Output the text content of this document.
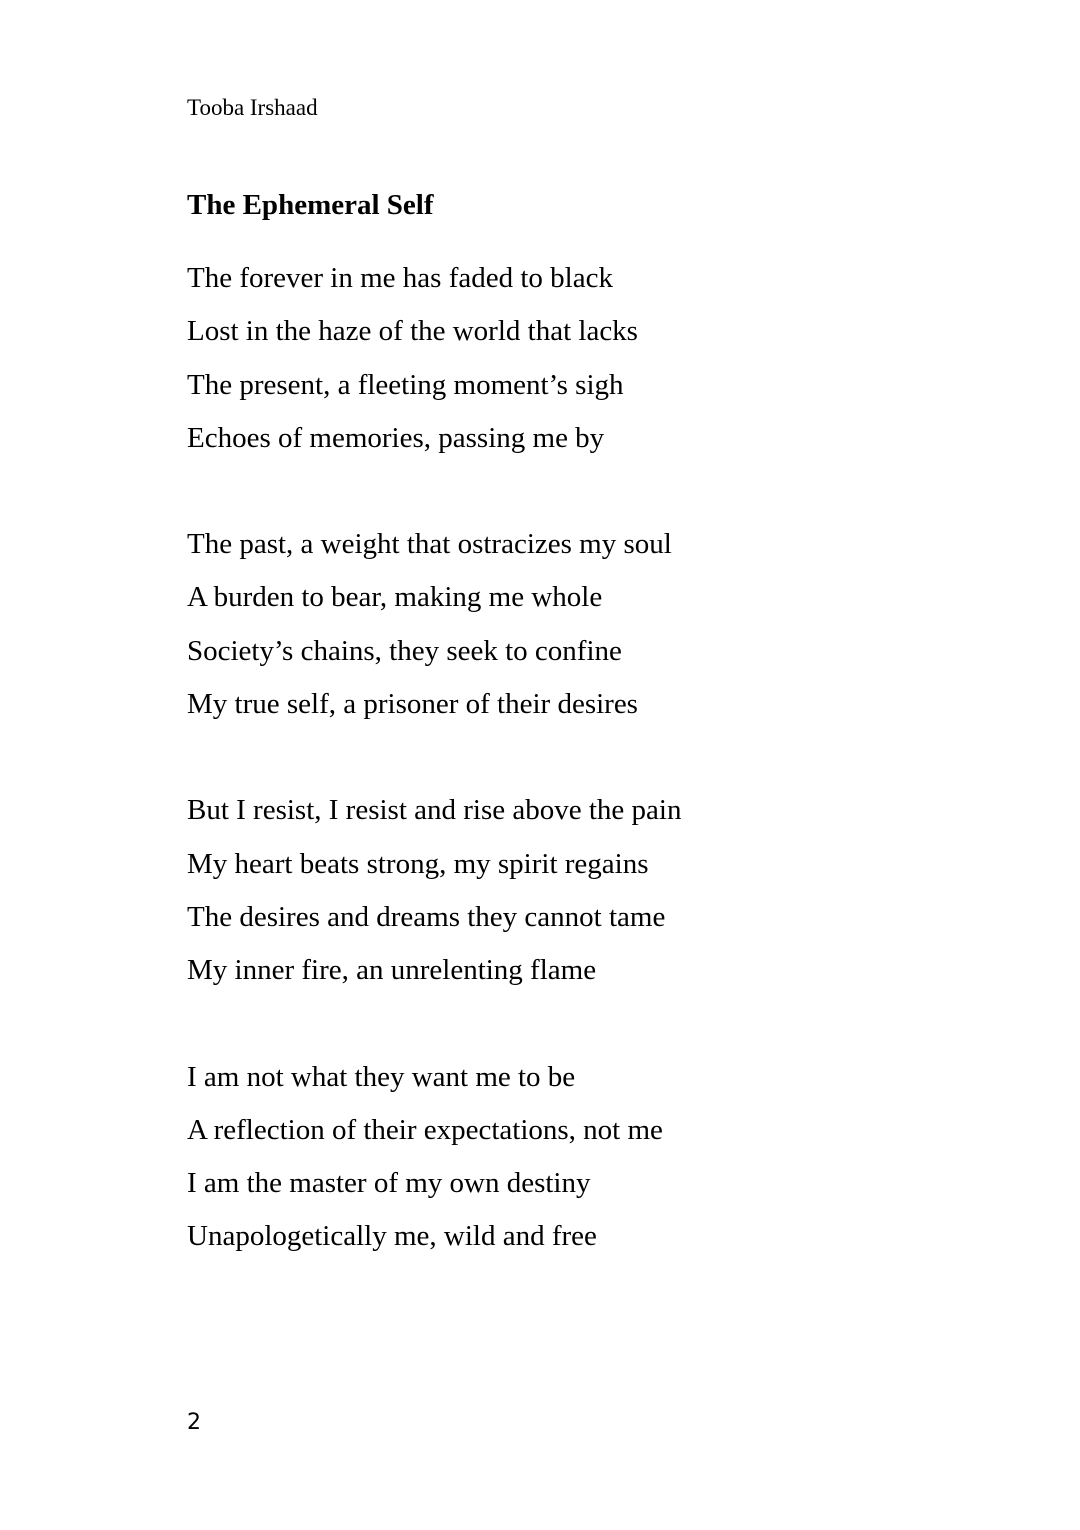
Tooba Irshaad
The Ephemeral Self
The forever in me has faded to black
Lost in the haze of the world that lacks
The present, a fleeting moment’s sigh
Echoes of memories, passing me by
The past, a weight that ostracizes my soul
A burden to bear, making me whole
Society’s chains, they seek to confine
My true self, a prisoner of their desires
But I resist, I resist and rise above the pain
My heart beats strong, my spirit regains
The desires and dreams they cannot tame
My inner fire, an unrelenting flame
I am not what they want me to be
A reflection of their expectations, not me
I am the master of my own destiny
Unapologetically me, wild and free
2
